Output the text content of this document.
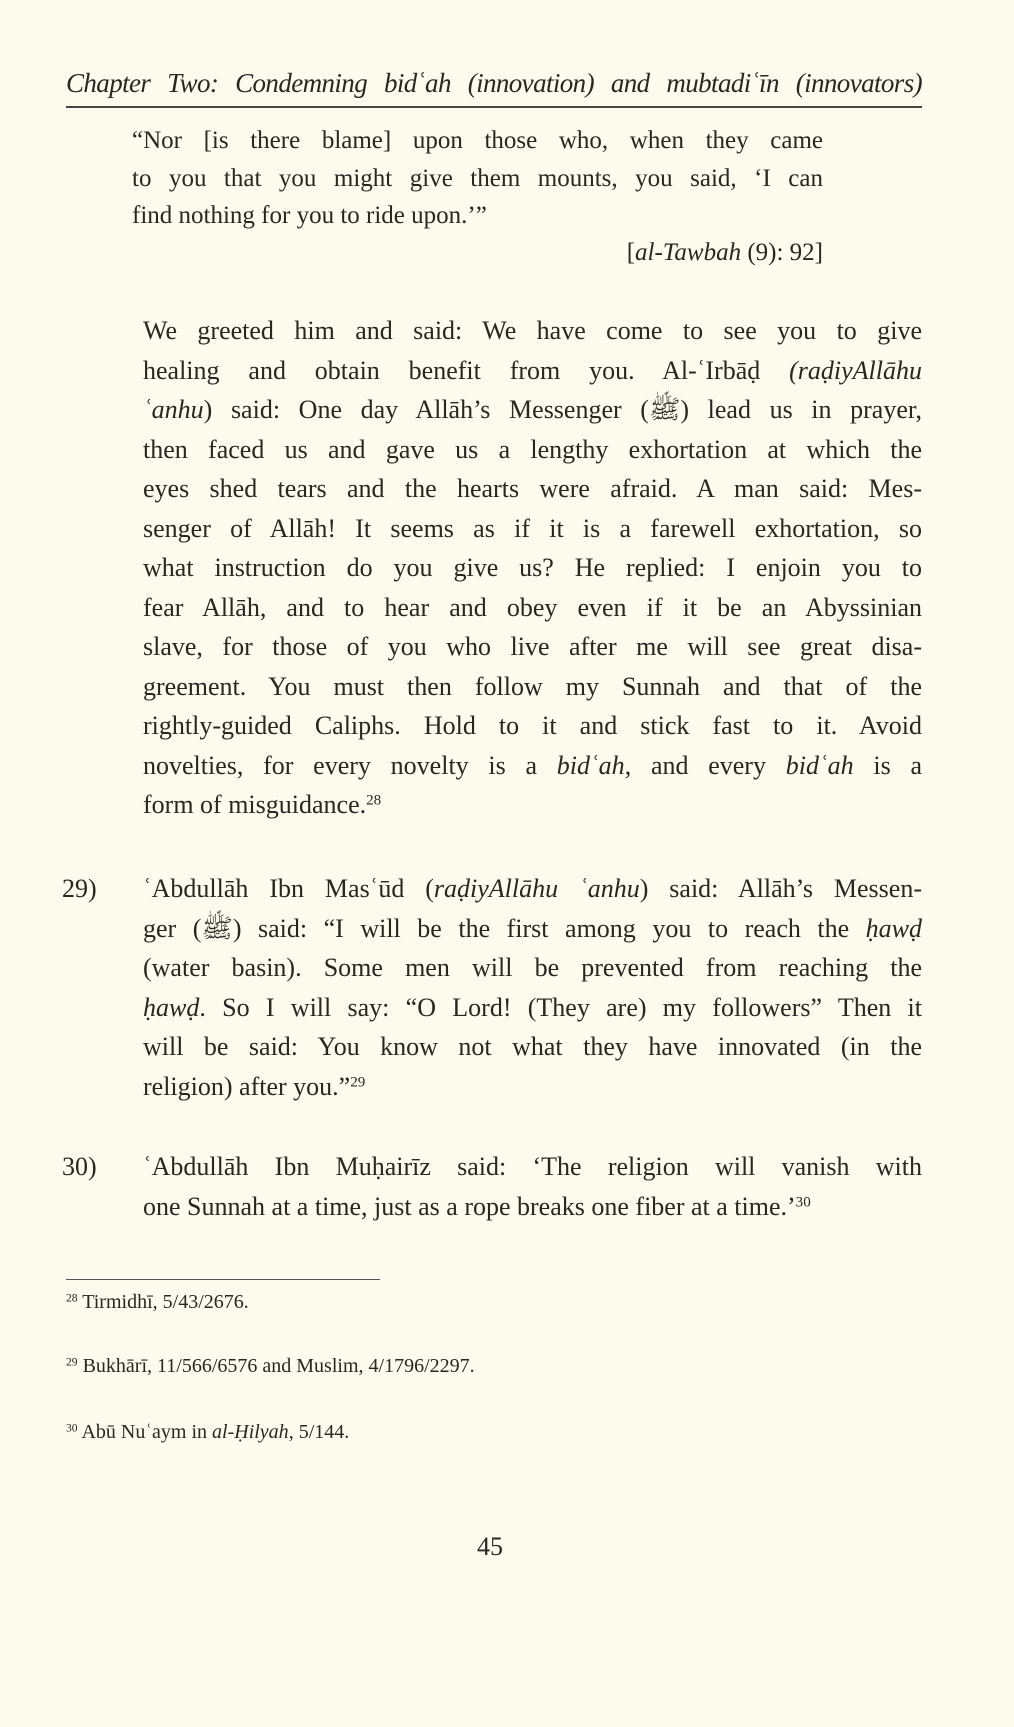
Chapter Two: Condemning bidʿah (innovation) and mubtadiʿīn (innovators)
“Nor [is there blame] upon those who, when they came
to you that you might give them mounts, you said, ‘I can
find nothing for you to ride upon.’”
[al-Tawbah (9): 92]
We greeted him and said: We have come to see you to give
healing and obtain benefit from you. Al-ʿIrbāḍ (raḍiyAllāhu
ʿanhu) said: One day Allāh’s Messenger (ﷺ) lead us in prayer,
then faced us and gave us a lengthy exhortation at which the
eyes shed tears and the hearts were afraid. A man said: Mes-
senger of Allāh! It seems as if it is a farewell exhortation, so
what instruction do you give us? He replied: I enjoin you to
fear Allāh, and to hear and obey even if it be an Abyssinian
slave, for those of you who live after me will see great disa-
greement. You must then follow my Sunnah and that of the
rightly-guided Caliphs. Hold to it and stick fast to it. Avoid
novelties, for every novelty is a bidʿah, and every bidʿah is a
form of misguidance.$^{28}$
29) ʿAbdullāh Ibn Masʿūd (raḍiyAllāhu ʿanhu) said: Allāh’s Messen-
ger (ﷺ) said: “I will be the first among you to reach the ḥawḍ
(water basin). Some men will be prevented from reaching the
ḥawḍ. So I will say: “O Lord! (They are) my followers” Then it
will be said: You know not what they have innovated (in the
religion) after you.”$^{29}$
30) ʿAbdullāh Ibn Muḥairīz said: ‘The religion will vanish with
one Sunnah at a time, just as a rope breaks one fiber at a time.’$^{30}$
$^{28}$ Tirmidhī, 5/43/2676.
$^{29}$ Bukhārī, 11/566/6576 and Muslim, 4/1796/2297.
$^{30}$ Abū Nuʿaym in al-Ḥilyah, 5/144.
45
